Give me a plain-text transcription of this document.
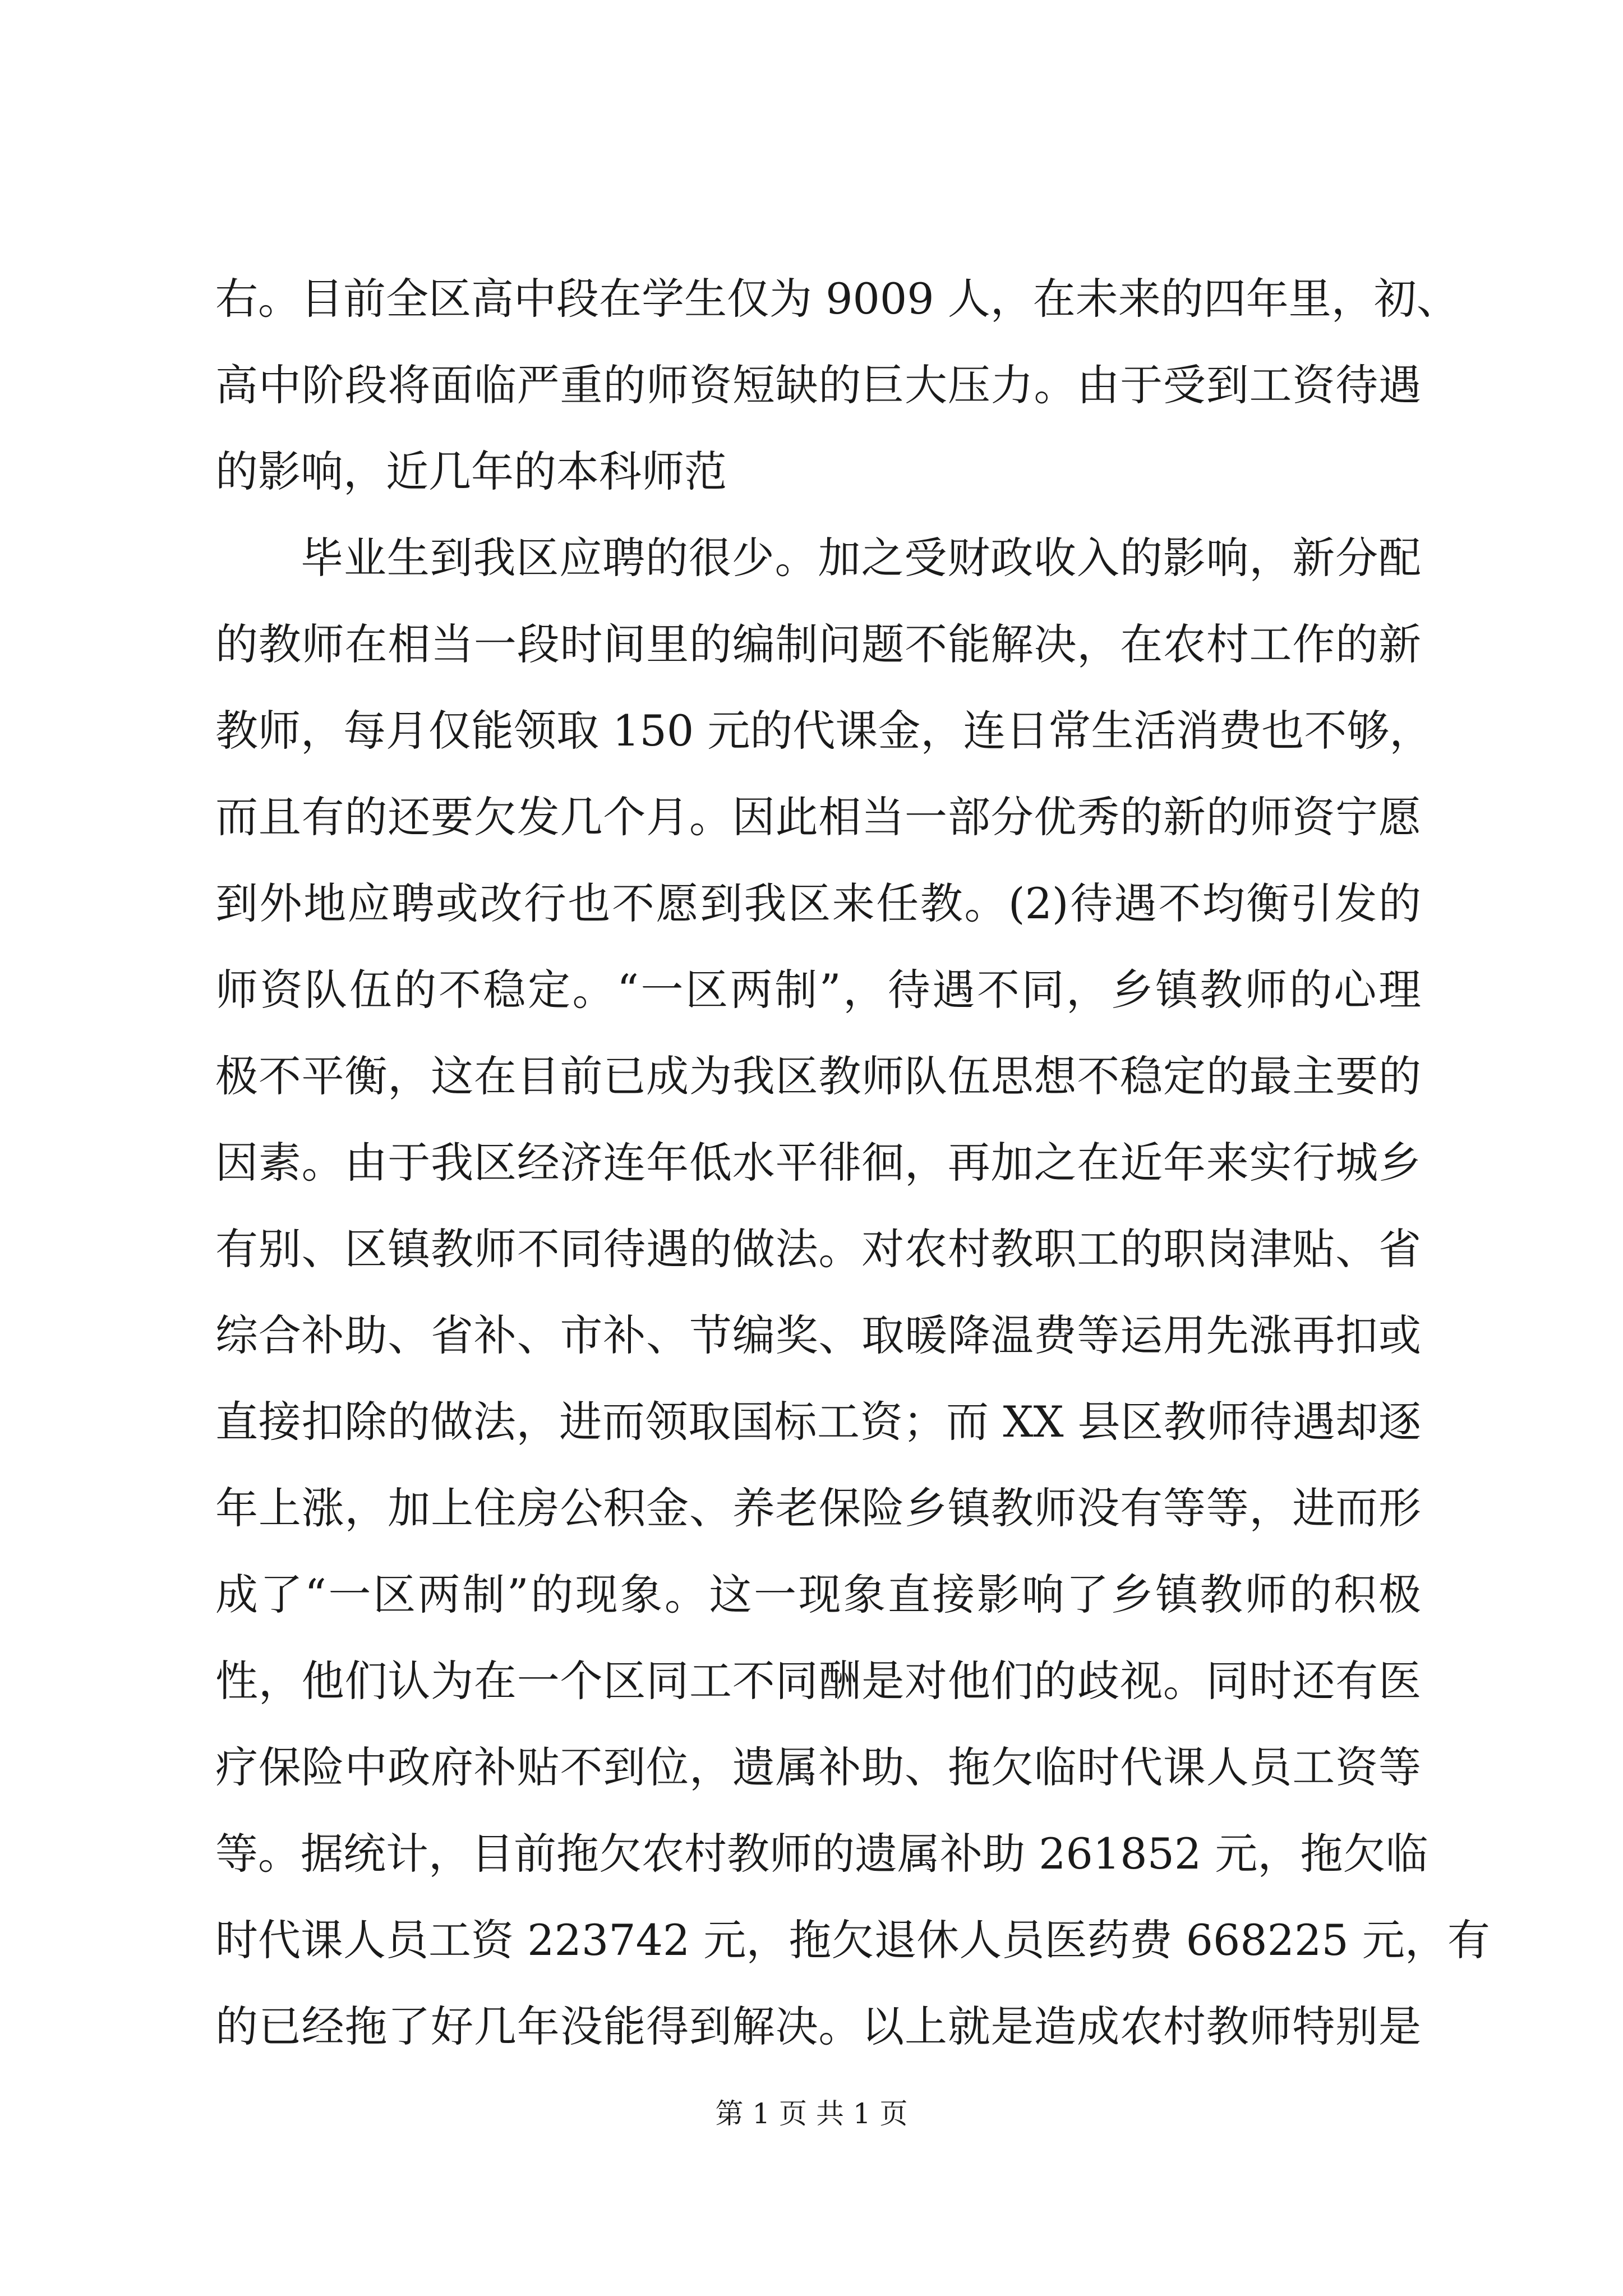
右。目前全区高中段在学生仅为 9009 人，在未来的四年里，初、
高中阶段将面临严重的师资短缺的巨大压力。由于受到工资待遇
的影响，近几年的本科师范
毕业生到我区应聘的很少。加之受财政收入的影响，新分配
的教师在相当一段时间里的编制问题不能解决，在农村工作的新
教师，每月仅能领取 150 元的代课金，连日常生活消费也不够，
而且有的还要欠发几个月。因此相当一部分优秀的新的师资宁愿
到外地应聘或改行也不愿到我区来任教。(2)待遇不均衡引发的
师资队伍的不稳定。“一区两制”，待遇不同，乡镇教师的心理
极不平衡，这在目前已成为我区教师队伍思想不稳定的最主要的
因素。由于我区经济连年低水平徘徊，再加之在近年来实行城乡
有别、区镇教师不同待遇的做法。对农村教职工的职岗津贴、省
综合补助、省补、市补、节编奖、取暖降温费等运用先涨再扣或
直接扣除的做法，进而领取国标工资；而 XX 县区教师待遇却逐
年上涨，加上住房公积金、养老保险乡镇教师没有等等，进而形
成了“一区两制”的现象。这一现象直接影响了乡镇教师的积极
性，他们认为在一个区同工不同酬是对他们的歧视。同时还有医
疗保险中政府补贴不到位，遗属补助、拖欠临时代课人员工资等
等。据统计，目前拖欠农村教师的遗属补助 261852 元，拖欠临
时代课人员工资 223742 元，拖欠退休人员医药费 668225 元，有
的已经拖了好几年没能得到解决。以上就是造成农村教师特别是
第 1 页 共 1 页
